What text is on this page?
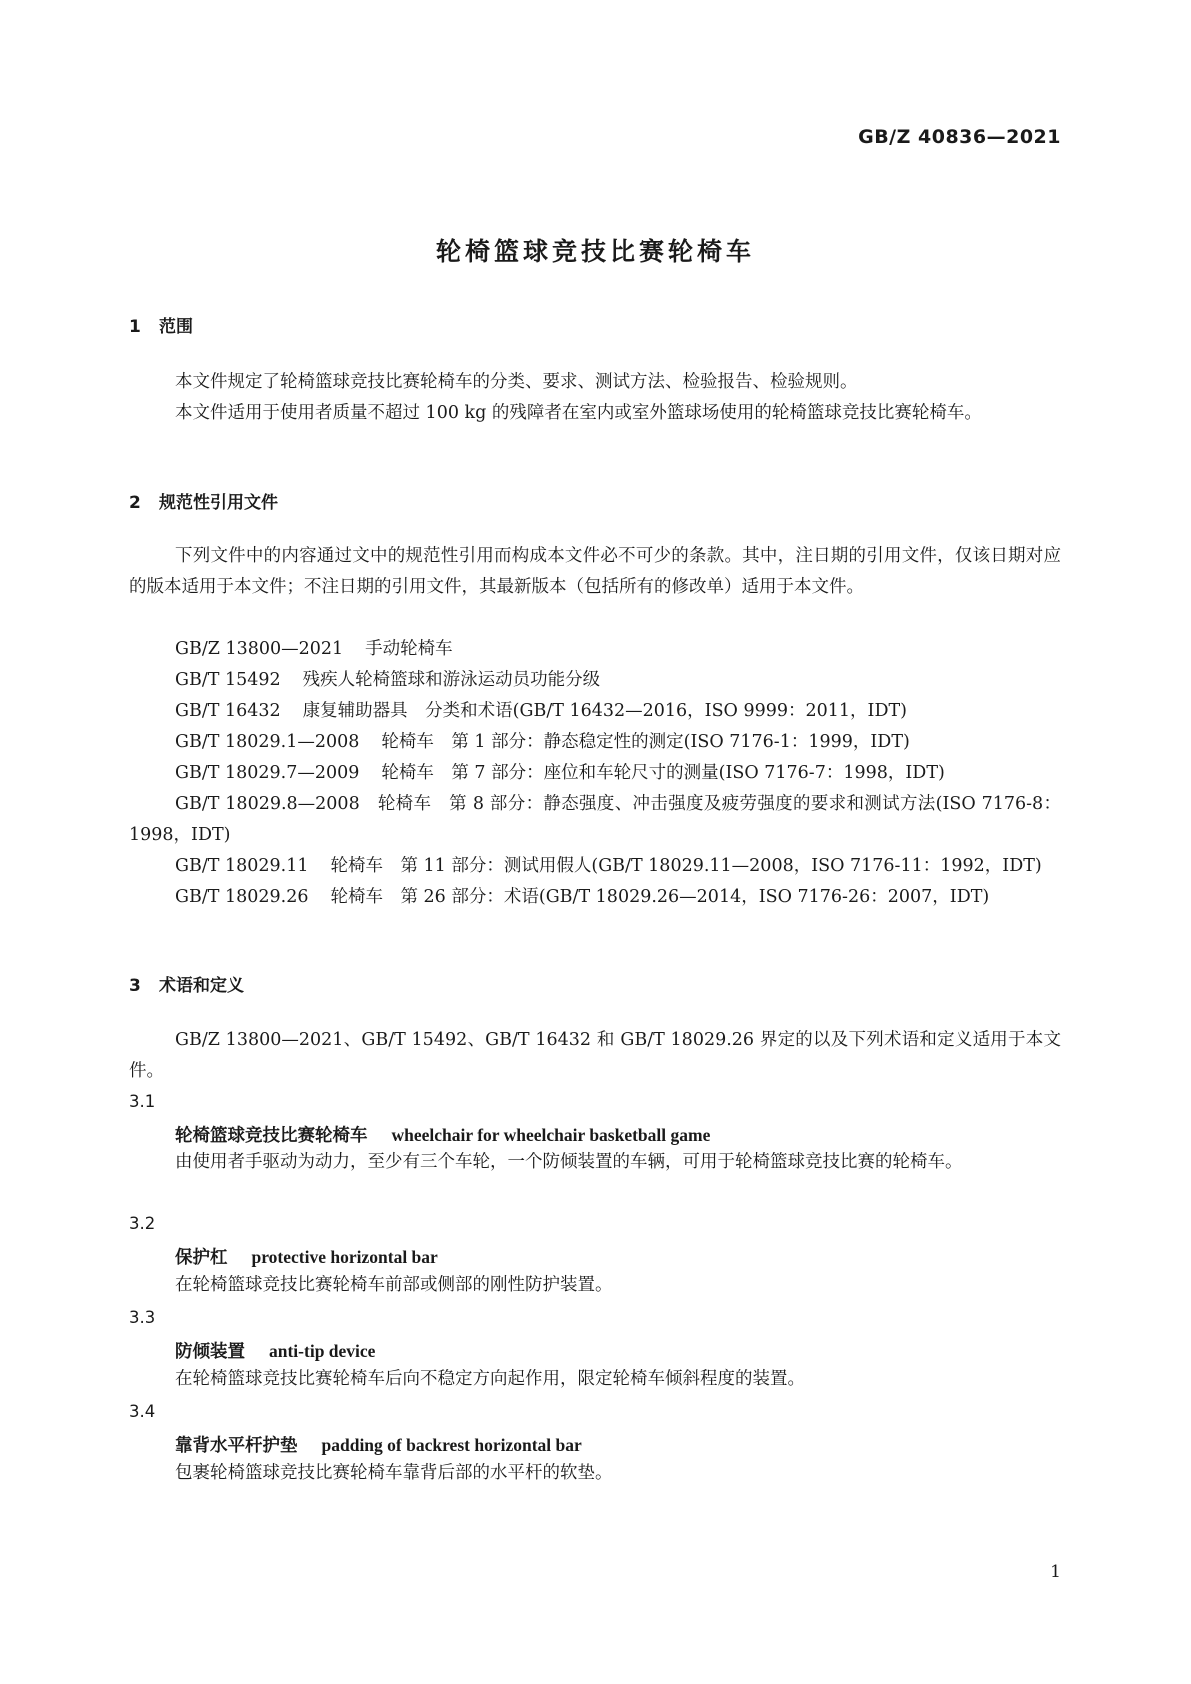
GB/Z 40836—2021
轮椅篮球竞技比赛轮椅车
1 范围

本文件规定了轮椅篮球竞技比赛轮椅车的分类、要求、测试方法、检验报告、检验规则。

本文件适用于使用者质量不超过 100 kg 的残障者在室内或室外篮球场使用的轮椅篮球竞技比赛轮椅车。

2 规范性引用文件

下列文件中的内容通过文中的规范性引用而构成本文件必不可少的条款。其中，注日期的引用文件，仅该日期对应的版本适用于本文件；不注日期的引用文件，其最新版本（包括所有的修改单）适用于本文件。

GB/Z 13800—2021 手动轮椅车
GB/T 15492 残疾人轮椅篮球和游泳运动员功能分级
GB/T 16432 康复辅助器具　分类和术语(GB/T 16432—2016，ISO 9999：2011，IDT)
GB/T 18029.1—2008 轮椅车　第 1 部分：静态稳定性的测定(ISO 7176-1：1999，IDT)
GB/T 18029.7—2009 轮椅车　第 7 部分：座位和车轮尺寸的测量(ISO 7176-7：1998，IDT)

GB/T 18029.8—2008　轮椅车　第 8 部分：静态强度、冲击强度及疲劳强度的要求和测试方法(ISO 7176-8：1998，IDT)

GB/T 18029.11 轮椅车　第 11 部分：测试用假人(GB/T 18029.11—2008，ISO 7176-11：1992，IDT)
GB/T 18029.26 轮椅车　第 26 部分：术语(GB/T 18029.26—2014，ISO 7176-26：2007，IDT)
3 术语和定义

GB/Z 13800—2021、GB/T 15492、GB/T 16432 和 GB/T 18029.26 界定的以及下列术语和定义适用于本文件。

3.1
轮椅篮球竞技比赛轮椅车 wheelchair for wheelchair basketball game

由使用者手驱动为动力，至少有三个车轮，一个防倾装置的车辆，可用于轮椅篮球竞技比赛的轮椅车。

3.2
保护杠 protective horizontal bar

在轮椅篮球竞技比赛轮椅车前部或侧部的刚性防护装置。

3.3
防倾装置 anti-tip device

在轮椅篮球竞技比赛轮椅车后向不稳定方向起作用，限定轮椅车倾斜程度的装置。

3.4
靠背水平杆护垫 padding of backrest horizontal bar

包裹轮椅篮球竞技比赛轮椅车靠背后部的水平杆的软垫。

1
